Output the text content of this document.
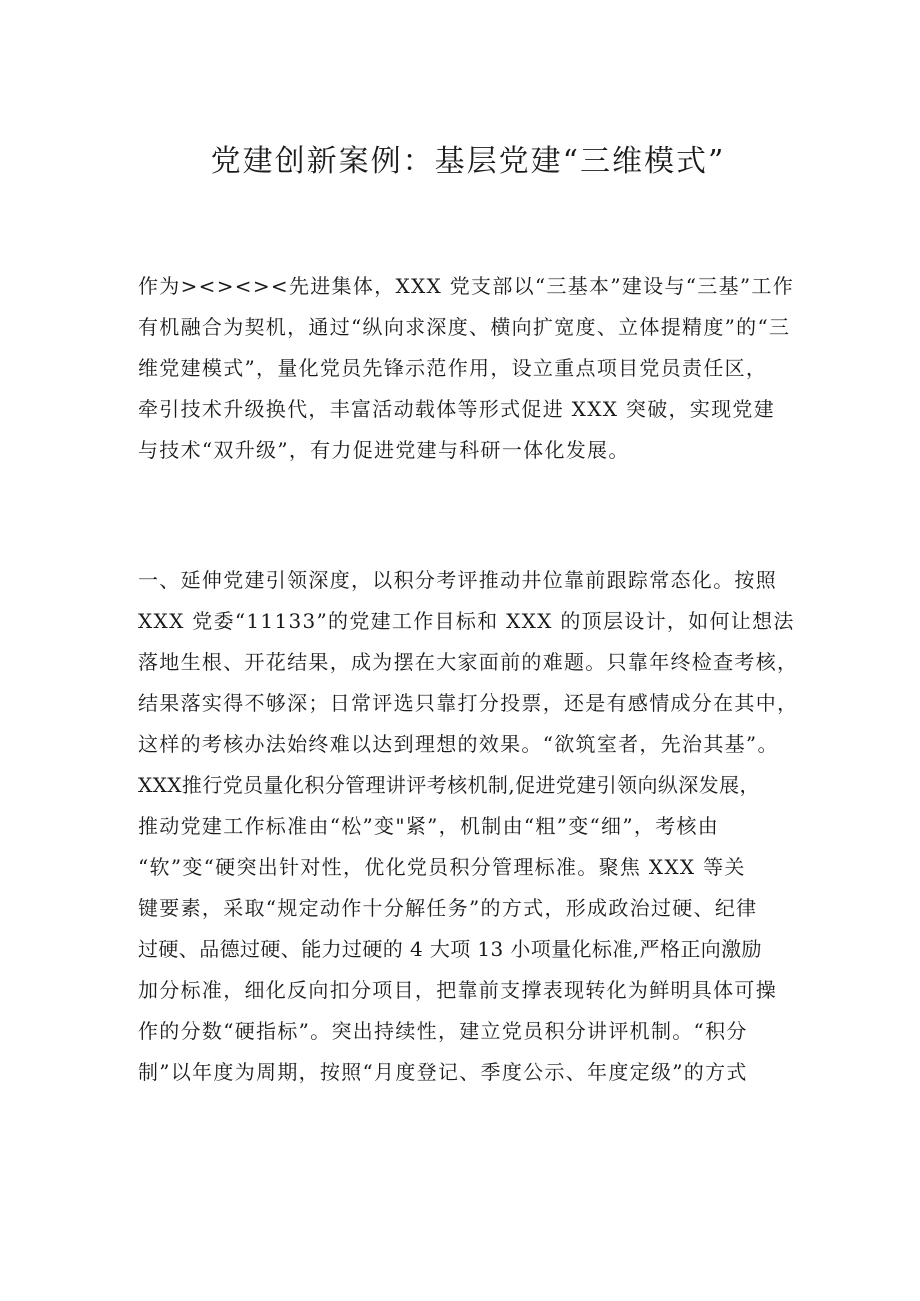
党建创新案例：基层党建“三维模式”
作为><><><先进集体，XXX 党支部以“三基本”建设与“三基”工作
有机融合为契机，通过“纵向求深度、横向扩宽度、立体提精度”的“三
维党建模式”，量化党员先锋示范作用，设立重点项目党员责任区，
牵引技术升级换代，丰富活动载体等形式促进 XXX 突破，实现党建
与技术“双升级”，有力促进党建与科研一体化发展。
一、延伸党建引领深度，以积分考评推动井位靠前跟踪常态化。按照
XXX 党委“11133”的党建工作目标和 XXX 的顶层设计，如何让想法
落地生根、开花结果，成为摆在大家面前的难题。只靠年终检查考核，
结果落实得不够深；日常评选只靠打分投票，还是有感情成分在其中，
这样的考核办法始终难以达到理想的效果。“欲筑室者，先治其基”。
XXX推行党员量化积分管理讲评考核机制,促进党建引领向纵深发展，
推动党建工作标准由“松”变"紧”，机制由“粗”变“细”，考核由
“软”变“硬突出针对性，优化党员积分管理标准。聚焦 XXX 等关
键要素，采取“规定动作十分解任务”的方式，形成政治过硬、纪律
过硬、品德过硬、能力过硬的 4 大项 13 小项量化标准,严格正向激励
加分标准，细化反向扣分项目，把靠前支撑表现转化为鲜明具体可操
作的分数“硬指标”。突出持续性，建立党员积分讲评机制。“积分
制”以年度为周期，按照“月度登记、季度公示、年度定级”的方式
